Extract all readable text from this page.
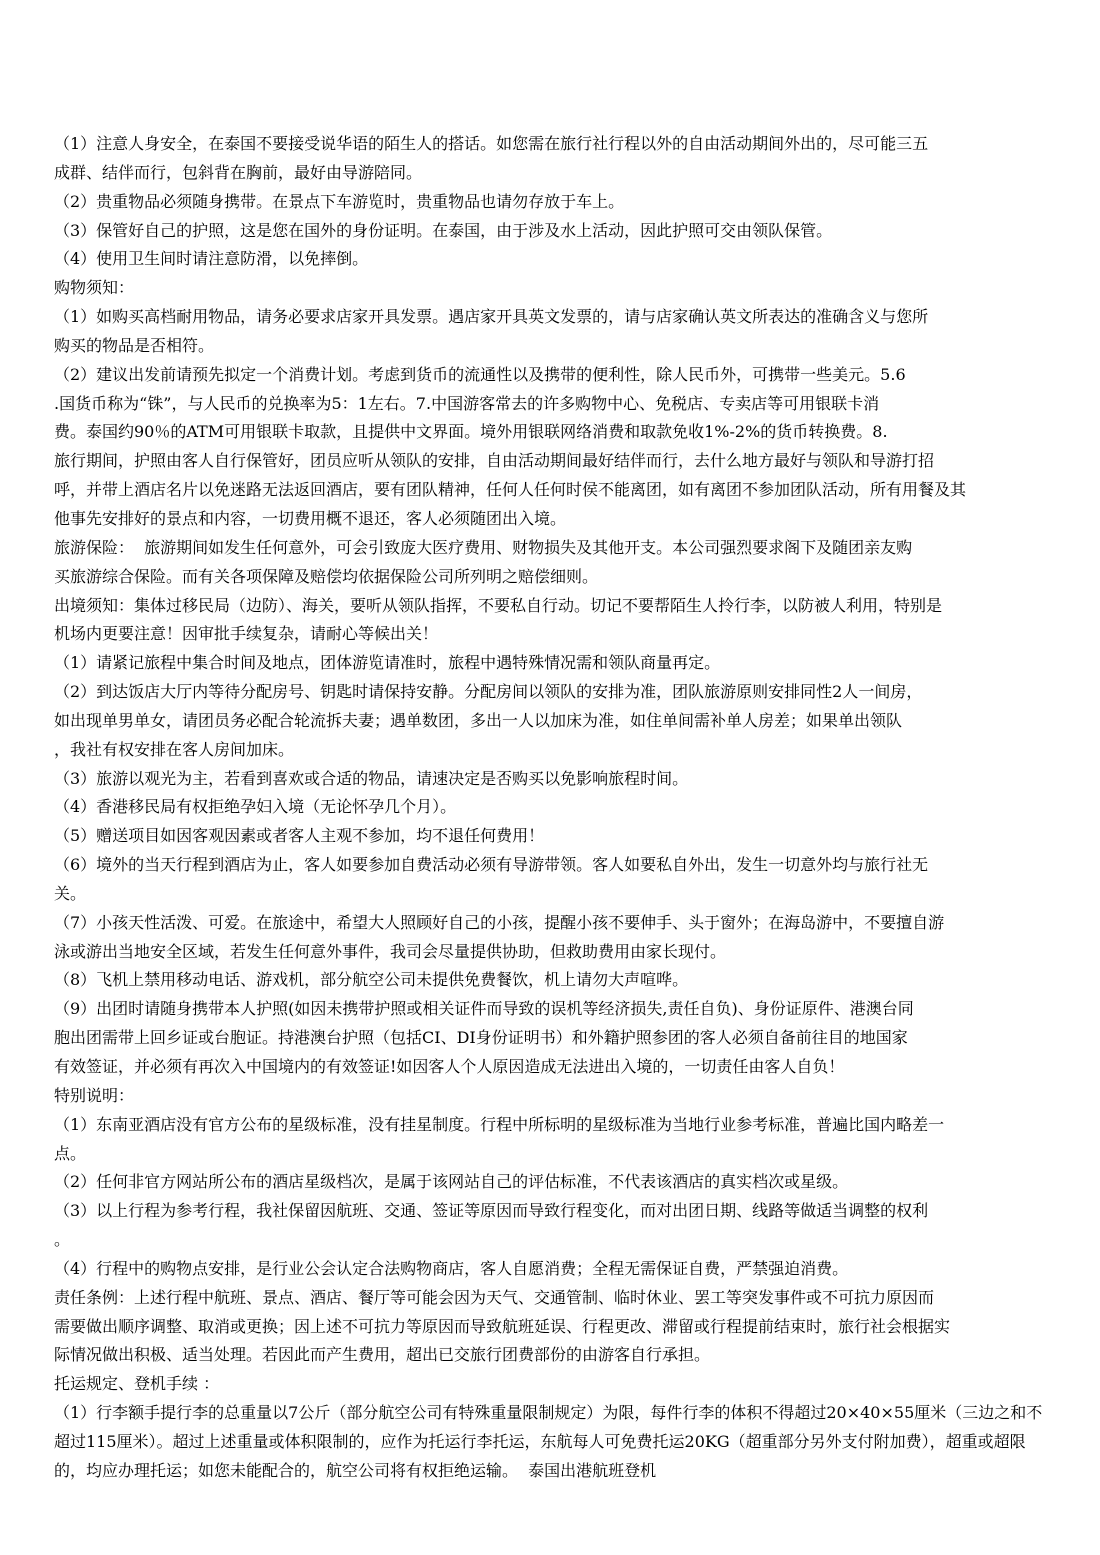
（1）注意人身安全，在泰国不要接受说华语的陌生人的搭话。如您需在旅行社行程以外的自由活动期间外出的，尽可能三五
成群、结伴而行，包斜背在胸前，最好由导游陪同。
（2）贵重物品必须随身携带。在景点下车游览时，贵重物品也请勿存放于车上。
（3）保管好自己的护照，这是您在国外的身份证明。在泰国，由于涉及水上活动，因此护照可交由领队保管。
（4）使用卫生间时请注意防滑，以免摔倒。
购物须知：
（1）如购买高档耐用物品，请务必要求店家开具发票。遇店家开具英文发票的，请与店家确认英文所表达的准确含义与您所
购买的物品是否相符。
（2）建议出发前请预先拟定一个消费计划。考虑到货币的流通性以及携带的便利性，除人民币外，可携带一些美元。5.6
.国货币称为“铢”，与人民币的兑换率为5：1左右。7.中国游客常去的许多购物中心、免税店、专卖店等可用银联卡消
费。泰国约90％的ATM可用银联卡取款，且提供中文界面。境外用银联网络消费和取款免收1%-2%的货币转换费。8.
旅行期间，护照由客人自行保管好，团员应听从领队的安排，自由活动期间最好结伴而行，去什么地方最好与领队和导游打招
呼，并带上酒店名片以免迷路无法返回酒店，要有团队精神，任何人任何时侯不能离团，如有离团不参加团队活动，所有用餐及其
他事先安排好的景点和内容，一切费用概不退还，客人必须随团出入境。
旅游保险：  旅游期间如发生任何意外，可会引致庞大医疗费用、财物损失及其他开支。本公司强烈要求阁下及随团亲友购
买旅游综合保险。而有关各项保障及赔偿均依据保险公司所列明之赔偿细则。
出境须知：集体过移民局（边防）、海关，要听从领队指挥，不要私自行动。切记不要帮陌生人拎行李，以防被人利用，特别是
机场内更要注意！因审批手续复杂，请耐心等候出关！
（1）请紧记旅程中集合时间及地点，团体游览请准时，旅程中遇特殊情况需和领队商量再定。
（2）到达饭店大厅内等待分配房号、钥匙时请保持安静。分配房间以领队的安排为准，团队旅游原则安排同性2人一间房，
如出现单男单女，请团员务必配合轮流拆夫妻；遇单数团，多出一人以加床为准，如住单间需补单人房差；如果单出领队
，我社有权安排在客人房间加床。
（3）旅游以观光为主，若看到喜欢或合适的物品，请速决定是否购买以免影响旅程时间。
（4）香港移民局有权拒绝孕妇入境（无论怀孕几个月）。
（5）赠送项目如因客观因素或者客人主观不参加，均不退任何费用！
（6）境外的当天行程到酒店为止，客人如要参加自费活动必须有导游带领。客人如要私自外出，发生一切意外均与旅行社无
关。
（7）小孩天性活泼、可爱。在旅途中，希望大人照顾好自己的小孩，提醒小孩不要伸手、头于窗外；在海岛游中，不要擅自游
泳或游出当地安全区域，若发生任何意外事件，我司会尽量提供协助，但救助费用由家长现付。
（8）飞机上禁用移动电话、游戏机，部分航空公司未提供免费餐饮，机上请勿大声喧哗。
（9）出团时请随身携带本人护照(如因未携带护照或相关证件而导致的误机等经济损失,责任自负)、身份证原件、港澳台同
胞出团需带上回乡证或台胞证。持港澳台护照（包括CI、DI身份证明书）和外籍护照参团的客人必须自备前往目的地国家
有效签证，并必须有再次入中国境内的有效签证!如因客人个人原因造成无法进出入境的，一切责任由客人自负！
特别说明：
（1）东南亚酒店没有官方公布的星级标准，没有挂星制度。行程中所标明的星级标准为当地行业参考标准，普遍比国内略差一
点。
（2）任何非官方网站所公布的酒店星级档次，是属于该网站自己的评估标准，不代表该酒店的真实档次或星级。
（3）以上行程为参考行程，我社保留因航班、交通、签证等原因而导致行程变化，而对出团日期、线路等做适当调整的权利
。
（4）行程中的购物点安排，是行业公会认定合法购物商店，客人自愿消费；全程无需保证自费，严禁强迫消费。
责任条例：上述行程中航班、景点、酒店、餐厅等可能会因为天气、交通管制、临时休业、罢工等突发事件或不可抗力原因而
需要做出顺序调整、取消或更换；因上述不可抗力等原因而导致航班延误、行程更改、滞留或行程提前结束时，旅行社会根据实
际情况做出积极、适当处理。若因此而产生费用，超出已交旅行团费部份的由游客自行承担。
托运规定、登机手续 ：
（1）行李额手提行李的总重量以7公斤（部分航空公司有特殊重量限制规定）为限，每件行李的体积不得超过20×40×55厘米（三边之和不超过115厘米）。超过上述重量或体积限制的，应作为托运行李托运，东航每人可免费托运20KG（超重部分另外支付附加费），超重或超限的，均应办理托运；如您未能配合的，航空公司将有权拒绝运输。  泰国出港航班登机
